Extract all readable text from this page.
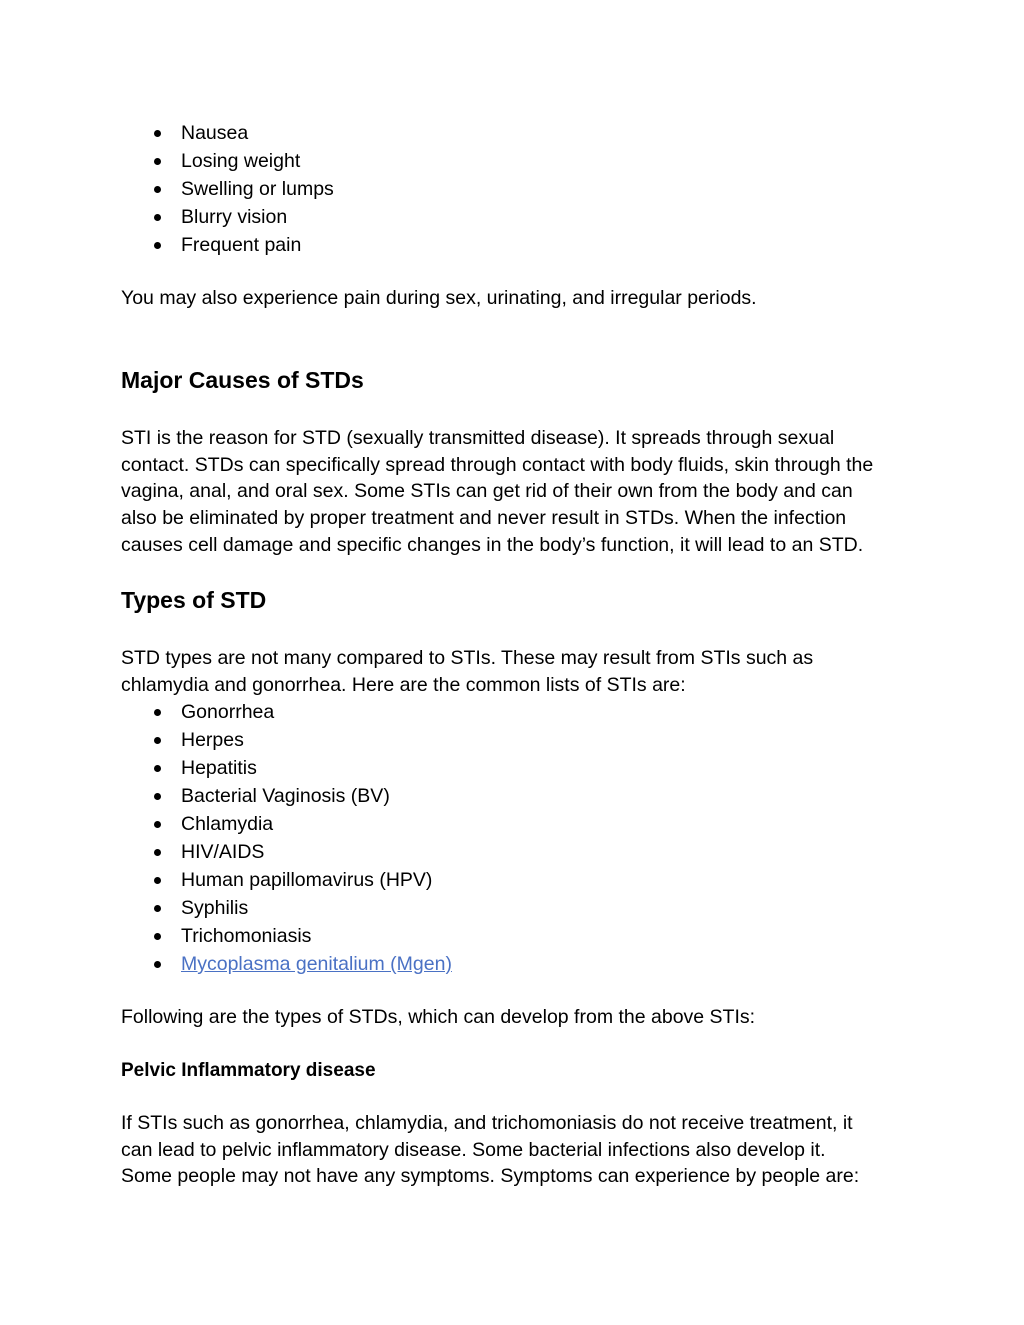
Nausea
Losing weight
Swelling or lumps
Blurry vision
Frequent pain

You may also experience pain during sex, urinating, and irregular periods.

Major Causes of STDs
STI is the reason for STD (sexually transmitted disease). It spreads through sexual
contact. STDs can specifically spread through contact with body fluids, skin through the
vagina, anal, and oral sex. Some STIs can get rid of their own from the body and can
also be eliminated by proper treatment and never result in STDs. When the infection
causes cell damage and specific changes in the body’s function, it will lead to an STD.
Types of STD
STD types are not many compared to STIs. These may result from STIs such as
chlamydia and gonorrhea. Here are the common lists of STIs are:
Gonorrhea
Herpes
Hepatitis
Bacterial Vaginosis (BV)
Chlamydia
HIV/AIDS
Human papillomavirus (HPV)
Syphilis
Trichomoniasis
Mycoplasma genitalium (Mgen)

Following are the types of STDs, which can develop from the above STIs:

Pelvic Inflammatory disease
If STIs such as gonorrhea, chlamydia, and trichomoniasis do not receive treatment, it
can lead to pelvic inflammatory disease. Some bacterial infections also develop it.
Some people may not have any symptoms. Symptoms can experience by people are:
